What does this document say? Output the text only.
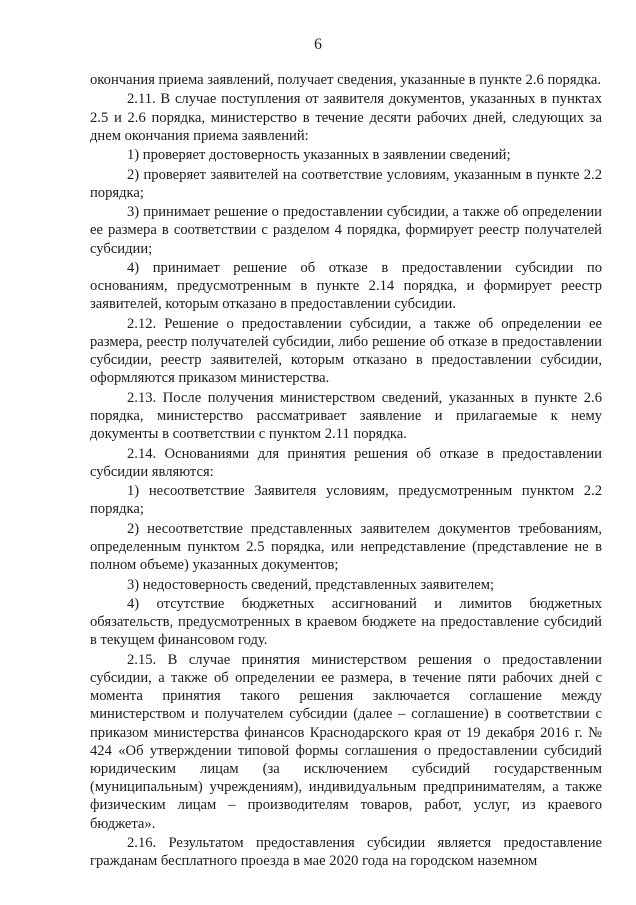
6

окончания приема заявлений, получает сведения, указанные в пункте 2.6 порядка.

2.11. В случае поступления от заявителя документов, указанных в пунктах 2.5 и 2.6 порядка, министерство в течение десяти рабочих дней, следующих за днем окончания приема заявлений:

1) проверяет достоверность указанных в заявлении сведений;

2) проверяет заявителей на соответствие условиям, указанным в пункте 2.2 порядка;

3) принимает решение о предоставлении субсидии, а также об определении ее размера в соответствии с разделом 4 порядка, формирует реестр получателей субсидии;

4) принимает решение об отказе в предоставлении субсидии по основаниям, предусмотренным в пункте 2.14 порядка, и формирует реестр заявителей, которым отказано в предоставлении субсидии.

2.12. Решение о предоставлении субсидии, а также об определении ее размера, реестр получателей субсидии, либо решение об отказе в предоставлении субсидии, реестр заявителей, которым отказано в предоставлении субсидии, оформляются приказом министерства.

2.13. После получения министерством сведений, указанных в пункте 2.6 порядка, министерство рассматривает заявление и прилагаемые к нему документы в соответствии с пунктом 2.11 порядка.

2.14. Основаниями для принятия решения об отказе в предоставлении субсидии являются:

1) несоответствие Заявителя условиям, предусмотренным пунктом 2.2 порядка;

2) несоответствие представленных заявителем документов требованиям, определенным пунктом 2.5 порядка, или непредставление (представление не в полном объеме) указанных документов;

3) недостоверность сведений, представленных заявителем;

4) отсутствие бюджетных ассигнований и лимитов бюджетных обязательств, предусмотренных в краевом бюджете на предоставление субсидий в текущем финансовом году.

2.15. В случае принятия министерством решения о предоставлении субсидии, а также об определении ее размера, в течение пяти рабочих дней с момента принятия такого решения заключается соглашение между министерством и получателем субсидии (далее – соглашение) в соответствии с приказом министерства финансов Краснодарского края от 19 декабря 2016 г. № 424 «Об утверждении типовой формы соглашения о предоставлении субсидий юридическим лицам (за исключением субсидий государственным (муниципальным) учреждениям), индивидуальным предпринимателям, а также физическим лицам – производителям товаров, работ, услуг, из краевого бюджета».

2.16. Результатом предоставления субсидии является предоставление гражданам бесплатного проезда в мае 2020 года на городском наземном
